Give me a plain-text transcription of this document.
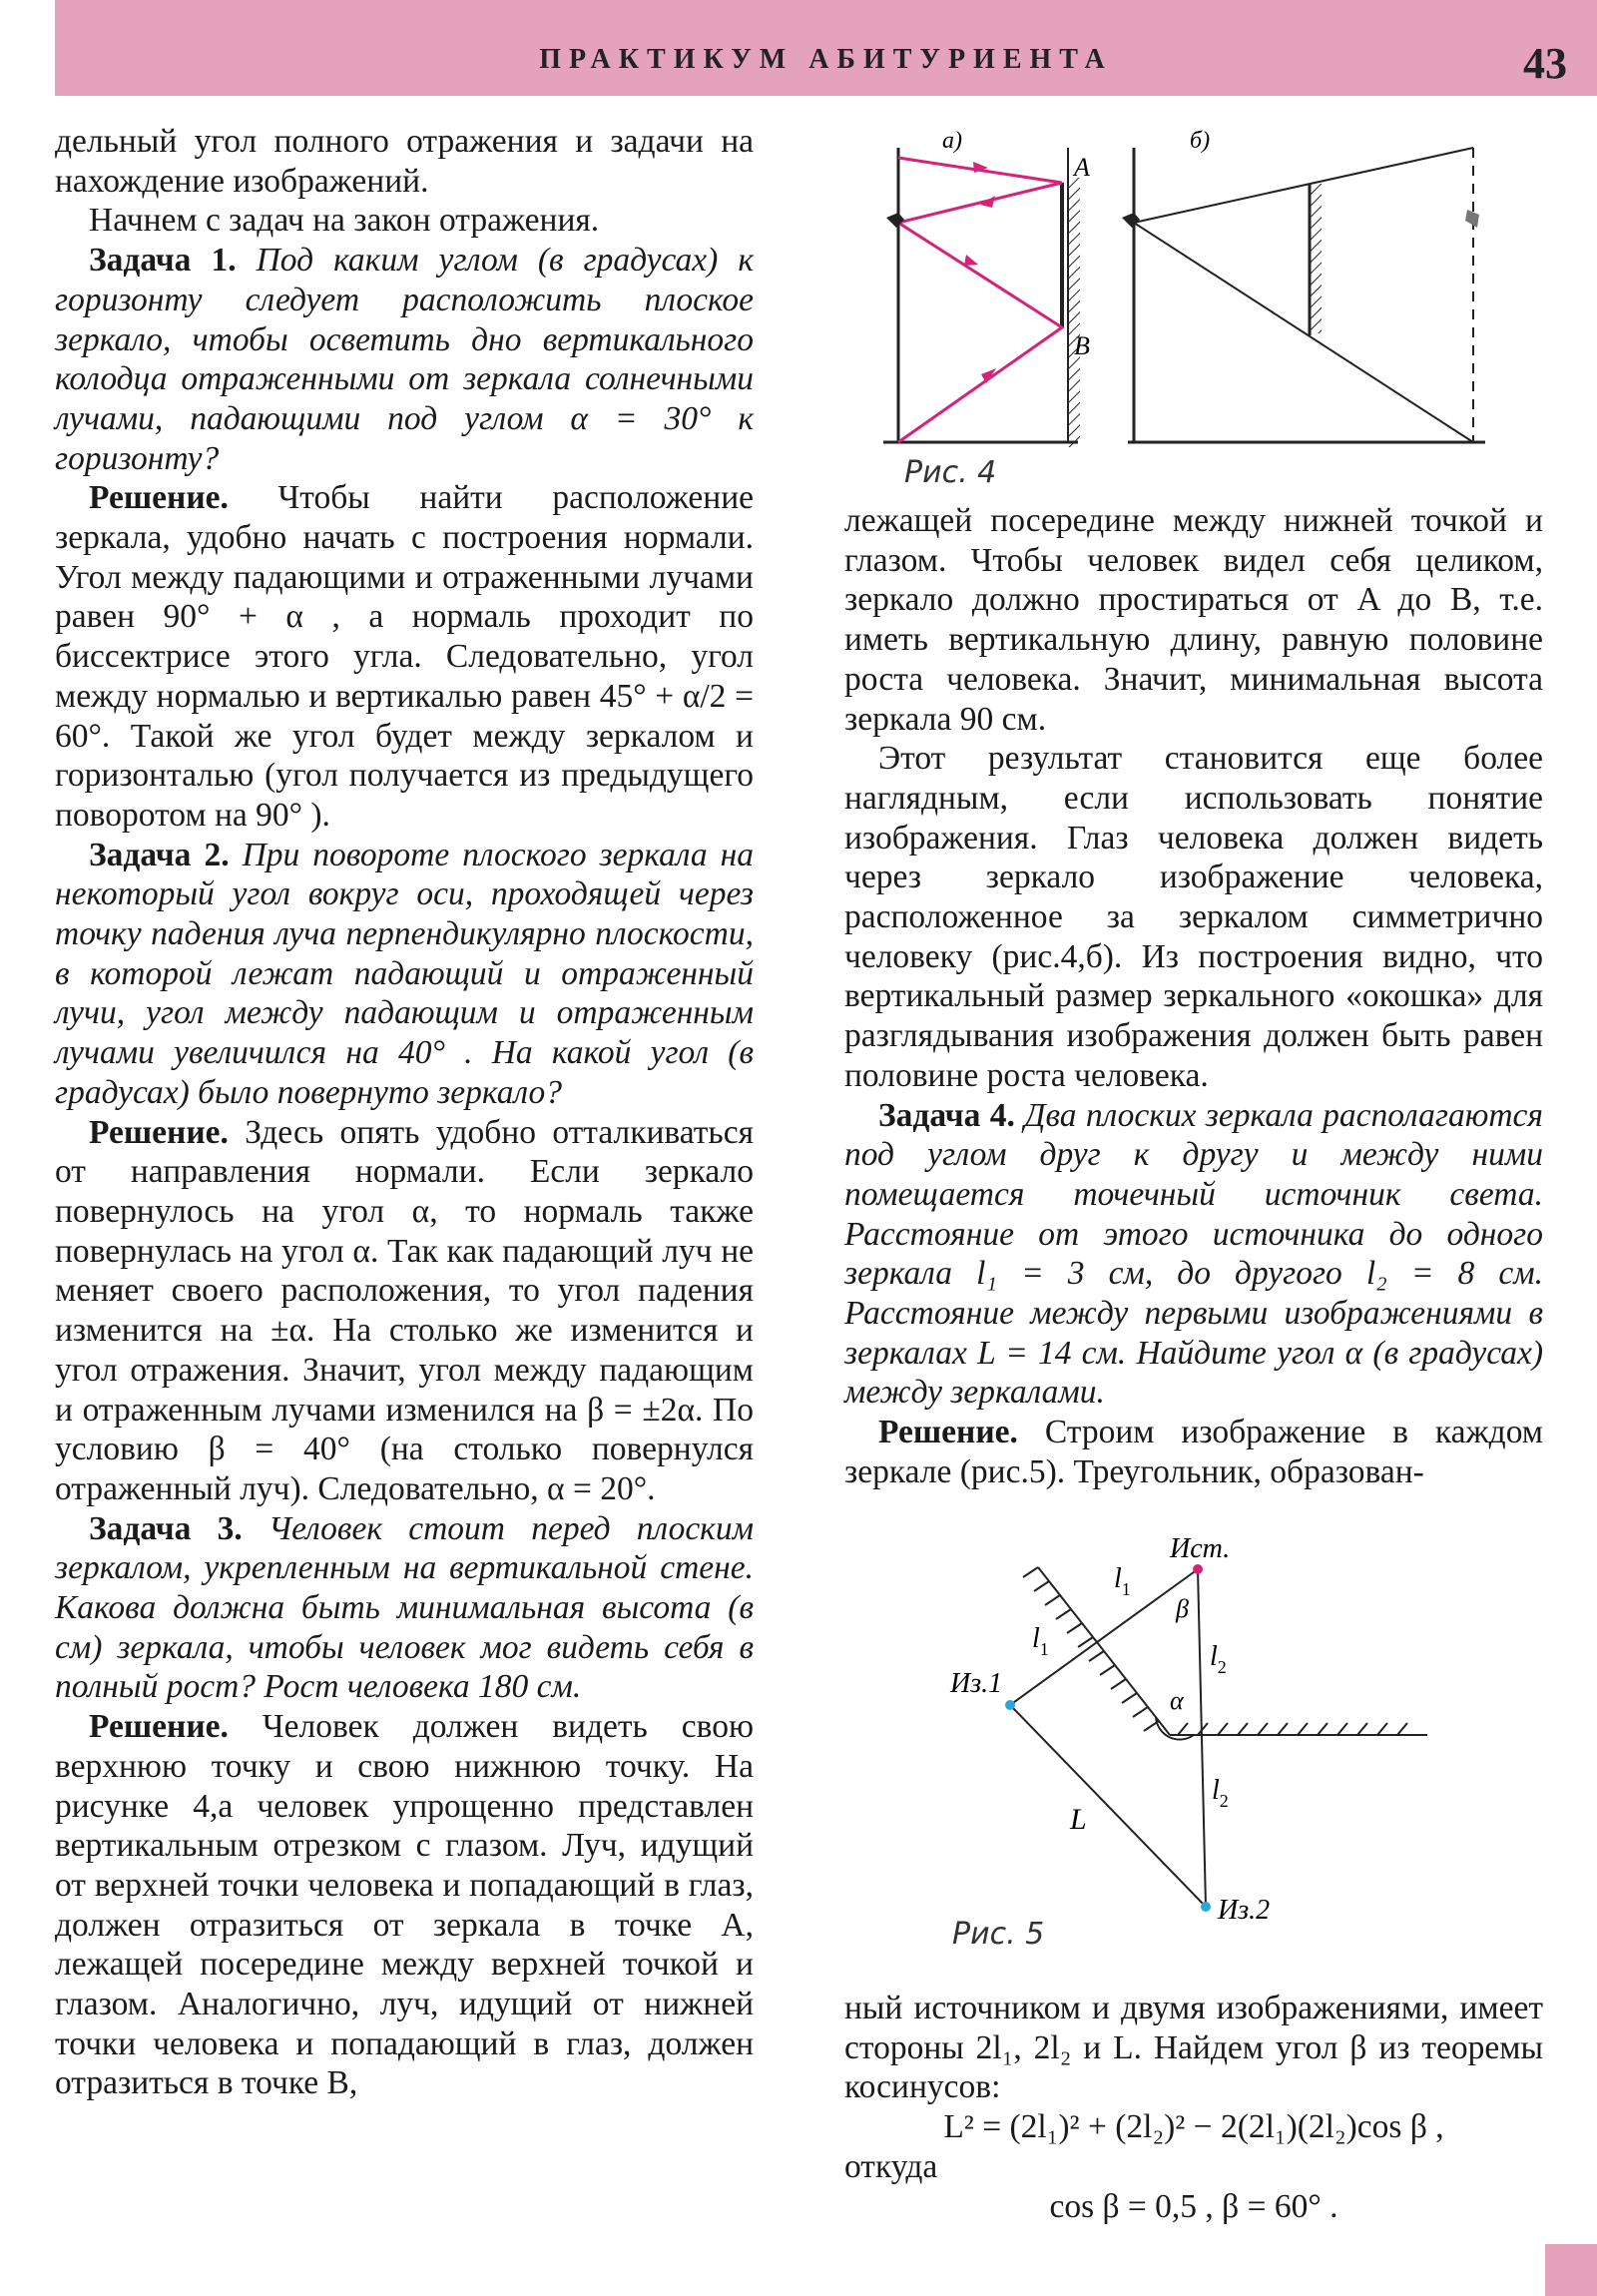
ПРАКТИКУМ АБИТУРИЕНТА	43

дельный угол полного отражения и задачи на нахождение изображений.

Начнем с задач на закон отражения.

Задача 1. Под каким углом (в градусах) к горизонту следует расположить плоское зеркало, чтобы осветить дно вертикального колодца отраженными от зеркала солнечными лучами, падающими под углом α = 30° к горизонту?

Решение. Чтобы найти расположение зеркала, удобно начать с построения нормали. Угол между падающими и отраженными лучами равен 90° + α , а нормаль проходит по биссектрисе этого угла. Следовательно, угол между нормалью и вертикалью равен 45° + α/2 = 60°. Такой же угол будет между зеркалом и горизонталью (угол получается из предыдущего поворотом на 90° ).

Задача 2. При повороте плоского зеркала на некоторый угол вокруг оси, проходящей через точку падения луча перпендикулярно плоскости, в которой лежат падающий и отраженный лучи, угол между падающим и отраженным лучами увеличился на 40° . На какой угол (в градусах) было повернуто зеркало?

Решение. Здесь опять удобно отталкиваться от направления нормали. Если зеркало повернулось на угол α, то нормаль также повернулась на угол α. Так как падающий луч не меняет своего расположения, то угол падения изменится на ±α. На столько же изменится и угол отражения. Значит, угол между падающим и отраженным лучами изменился на β = ±2α. По условию β = 40° (на столько повернулся отраженный луч). Следовательно, α = 20°.

Задача 3. Человек стоит перед плоским зеркалом, укрепленным на вертикальной стене. Какова должна быть минимальная высота (в см) зеркала, чтобы человек мог видеть себя в полный рост? Рост человека 180 см.

Решение. Человек должен видеть свою верхнюю точку и свою нижнюю точку. На рисунке 4,а человек упрощенно представлен вертикальным отрезком с глазом. Луч, идущий от верхней точки человека и попадающий в глаз, должен отразиться от зеркала в точке A, лежащей посередине между верхней точкой и глазом. Аналогично, луч, идущий от нижней точки человека и попадающий в глаз, должен отразиться в точке B,

а)
A
B
б)
Рис. 4

лежащей посередине между нижней точкой и глазом. Чтобы человек видел себя целиком, зеркало должно простираться от A до B, т.е. иметь вертикальную длину, равную половине роста человека. Значит, минимальная высота зеркала 90 см.

Этот результат становится еще более наглядным, если использовать понятие изображения. Глаз человека должен видеть через зеркало изображение человека, расположенное за зеркалом симметрично человеку (рис.4,б). Из построения видно, что вертикальный размер зеркального «окошка» для разглядывания изображения должен быть равен половине роста человека.

Задача 4. Два плоских зеркала располагаются под углом друг к другу и между ними помещается точечный источник света. Расстояние от этого источника до одного зеркала l₁ = 3 см, до другого l₂ = 8 см. Расстояние между первыми изображениями в зеркалах L = 14 см. Найдите угол α (в градусах) между зеркалами.

Решение. Строим изображение в каждом зеркале (рис.5). Треугольник, образован-

Ист.
Из.1
Из.2
$l_1$
$l_1$	$l_2$
$l_2$
β
α
L
Рис. 5

ный источником и двумя изображениями, имеет стороны 2l₁, 2l₂ и L. Найдем угол β из теоремы косинусов:

L² = (2l₁)² + (2l₂)² − 2(2l₁)(2l₂)cos β ,

откуда

cos β = 0,5 , β = 60° .
